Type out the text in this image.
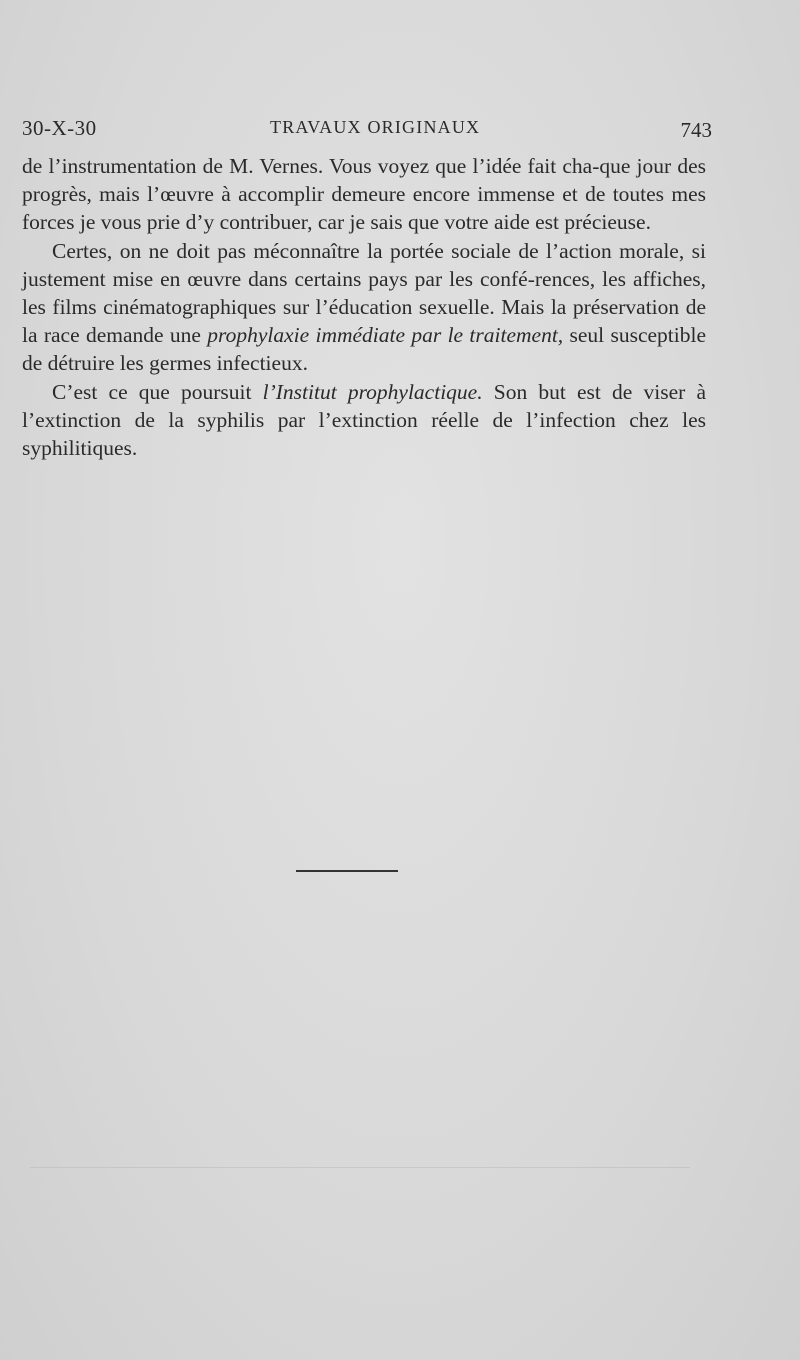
30-X-30	TRAVAUX ORIGINAUX	743

de l’instrumentation de M. Vernes. Vous voyez que l’idée fait cha-que jour des progrès, mais l’œuvre à accomplir demeure encore immense et de toutes mes forces je vous prie d’y contribuer, car je sais que votre aide est précieuse.

Certes, on ne doit pas méconnaître la portée sociale de l’action morale, si justement mise en œuvre dans certains pays par les confé-rences, les affiches, les films cinématographiques sur l’éducation sexuelle. Mais la préservation de la race demande une prophylaxie immédiate par le traitement, seul susceptible de détruire les germes infectieux.

C’est ce que poursuit l’Institut prophylactique. Son but est de viser à l’extinction de la syphilis par l’extinction réelle de l’infection chez les syphilitiques.
